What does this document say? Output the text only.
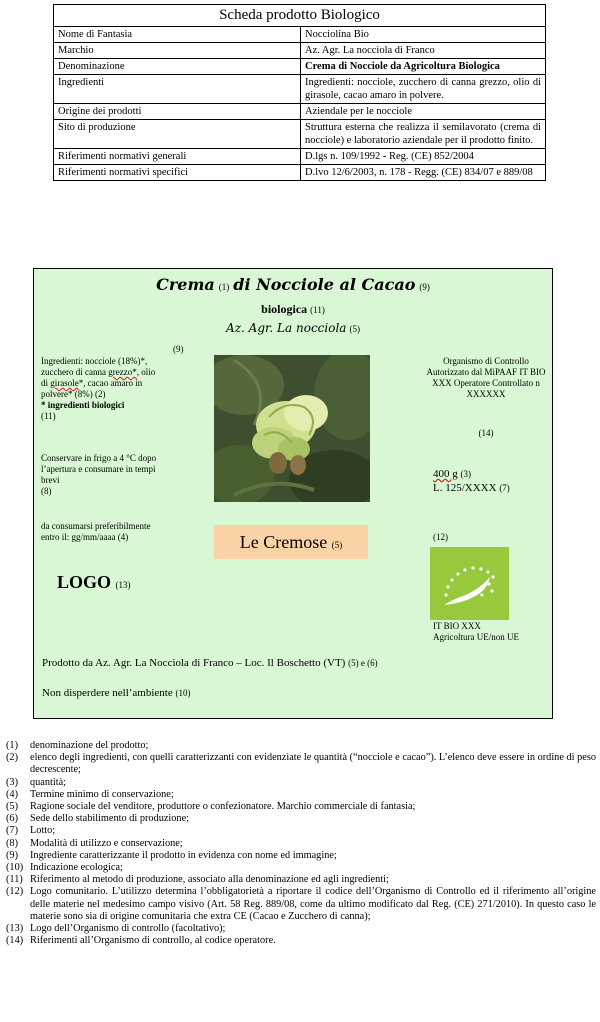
Scheda prodotto Biologico	
Nome di Fantasia	Nocciolina Bio
Marchio	Az. Agr. La nocciola di Franco
Denominazione	Crema di Nocciole da Agricoltura Biologica
Ingredienti	Ingredienti: nocciole, zucchero di canna grezzo, olio di girasole, cacao amaro in polvere.
Origine dei prodotti	Aziendale per le nocciole
Sito di produzione	Struttura esterna che realizza il semilavorato (crema di nocciole) e laboratorio aziendale per il prodotto finito.
Riferimenti normativi generali	D.lgs n. 109/1992 - Reg. (CE) 852/2004
Riferimenti normativi specifici	D.lvo 12/6/2003, n. 178 - Regg. (CE) 834/07 e 889/08
Crema (1) di Nocciole al Cacao (9)
biologica (11)
Az. Agr. La nocciola (5)
(9)
Ingredienti: nocciole (18%)*, zucchero di canna grezzo*, olio di girasole*, cacao amaro in polvere* (8%) (2)
* ingredienti biologici
(11)
Conservare in frigo a 4 °C dopo l’apertura e consumare in tempi brevi
(8)
da consumarsi preferibilmente entro il: gg/mm/aaaa (4)
LOGO (13)
Le Cremose (5)
Organismo di Controllo Autorizzato dal MiPAAF IT BIO XXX Operatore Controllato n XXXXXX
(14)
400 g (3)
L. 125/XXXX (7)
(12)
IT BIO XXX
Agricoltura UE/non UE
Prodotto da Az. Agr. La Nocciola di Franco – Loc. Il Boschetto (VT) (5) e (6)
Non disperdere nell’ambiente (10)
(1)	denominazione del prodotto;
(2)	elenco degli ingredienti, con quelli caratterizzanti con evidenziate le quantità (“nocciole e cacao”). L’elenco deve essere in ordine di peso decrescente;
(3)	quantità;
(4)	Termine minimo di conservazione;
(5)	Ragione sociale del venditore, produttore o confezionatore. Marchio commerciale di fantasia;
(6)	Sede dello stabilimento di produzione;
(7)	Lotto;
(8)	Modalità di utilizzo e conservazione;
(9)	Ingrediente caratterizzante il prodotto in evidenza con nome ed immagine;
(10) Indicazione ecologica;
(11) Riferimento al metodo di produzione, associato alla denominazione ed agli ingredienti;
(12) Logo comunitario. L’utilizzo determina l’obbligatorietà a riportare il codice dell’Organismo di Controllo ed il riferimento all’origine delle materie nel medesimo campo visivo (Art. 58 Reg. 889/08, come da ultimo modificato dal Reg. (CE) 271/2010). In questo caso le materie sono sia di origine comunitaria che extra CE (Cacao e Zucchero di canna);
(13) Logo dell’Organismo di controllo (facoltativo);
(14) Riferimenti all’Organismo di controllo, al codice operatore.
